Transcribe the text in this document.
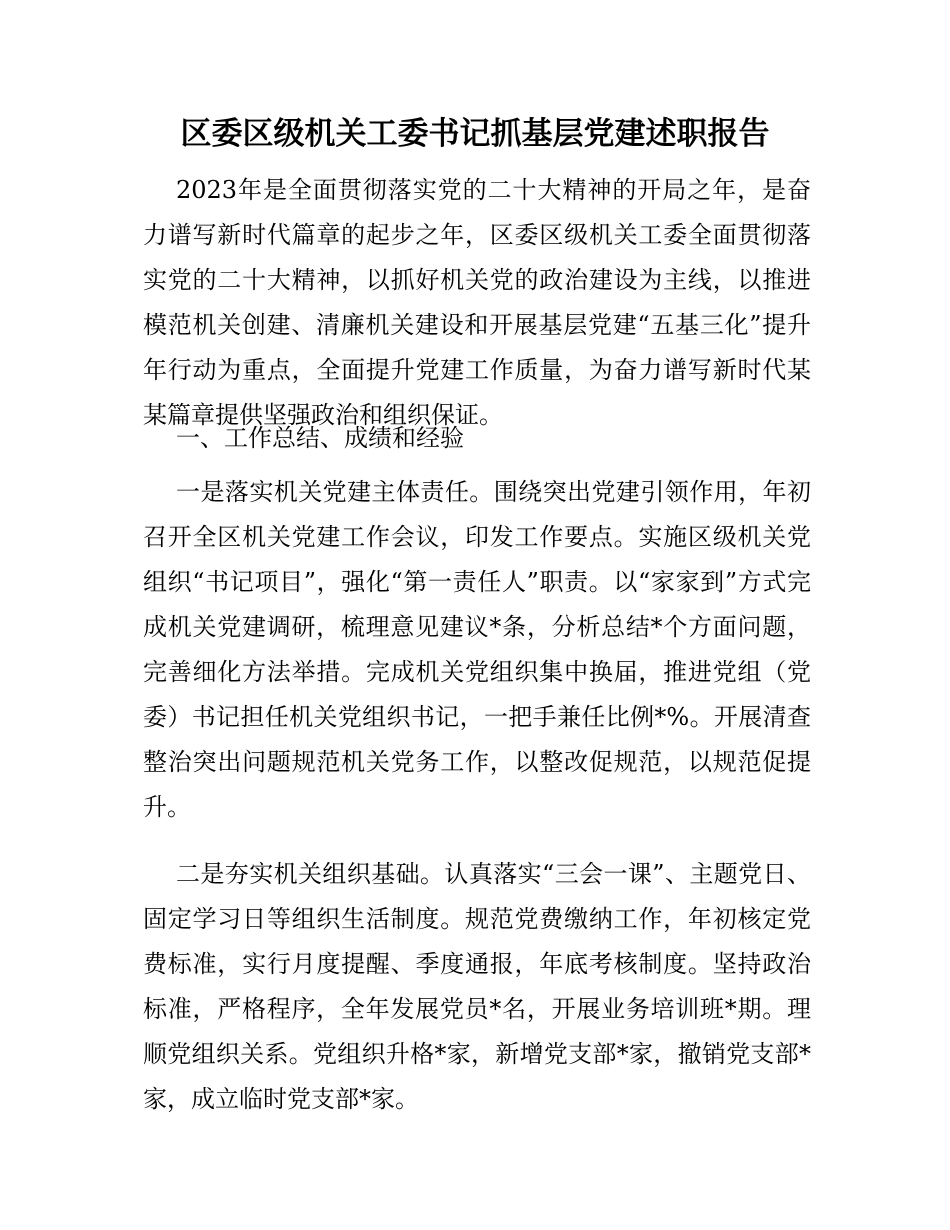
区委区级机关工委书记抓基层党建述职报告

2023年是全面贯彻落实党的二十大精神的开局之年，是奋力谱写新时代篇章的起步之年，区委区级机关工委全面贯彻落实党的二十大精神，以抓好机关党的政治建设为主线，以推进模范机关创建、清廉机关建设和开展基层党建“五基三化”提升年行动为重点，全面提升党建工作质量，为奋力谱写新时代某某篇章提供坚强政治和组织保证。

一、工作总结、成绩和经验

一是落实机关党建主体责任。围绕突出党建引领作用，年初召开全区机关党建工作会议，印发工作要点。实施区级机关党组织“书记项目”，强化“第一责任人”职责。以“家家到”方式完成机关党建调研，梳理意见建议*条，分析总结*个方面问题，完善细化方法举措。完成机关党组织集中换届，推进党组（党委）书记担任机关党组织书记，一把手兼任比例*%。开展清查整治突出问题规范机关党务工作，以整改促规范，以规范促提升。

二是夯实机关组织基础。认真落实“三会一课”、主题党日、固定学习日等组织生活制度。规范党费缴纳工作，年初核定党费标准，实行月度提醒、季度通报，年底考核制度。坚持政治标准，严格程序，全年发展党员*名，开展业务培训班*期。理顺党组织关系。党组织升格*家，新增党支部*家，撤销党支部*家，成立临时党支部*家。
